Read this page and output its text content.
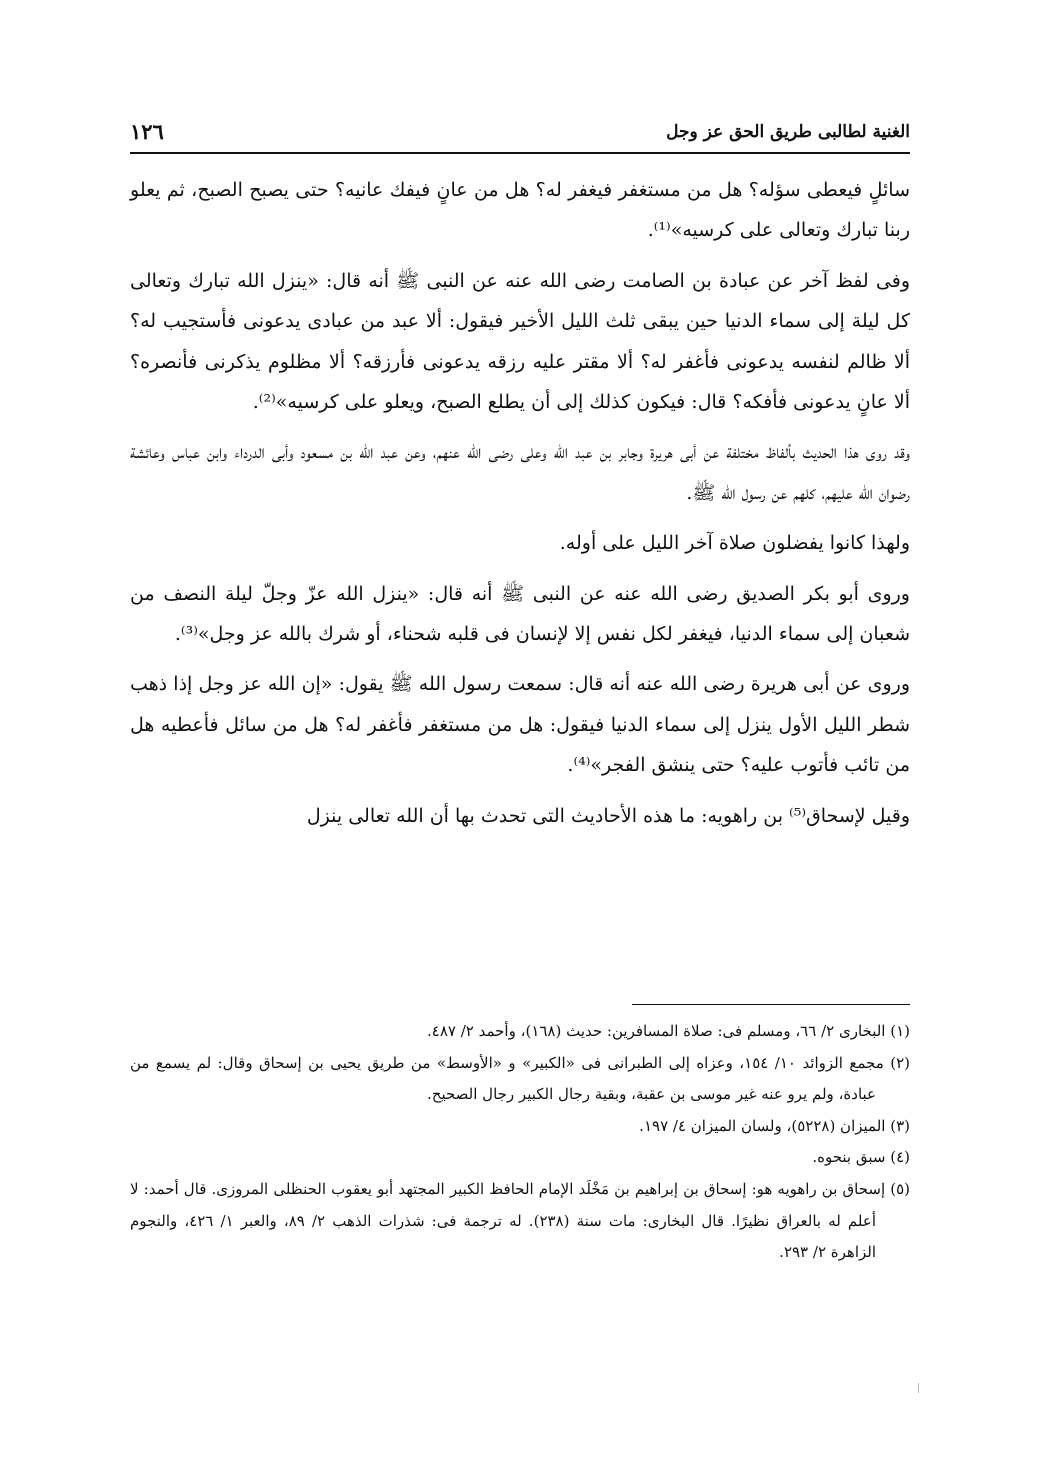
الغنية لطالبى طريق الحق عز وجل
١٢٦

سائلٍ فيعطى سؤله؟ هل من مستغفر فيغفر له؟ هل من عانٍ فيفك عانيه؟ حتى يصبح الصبح، ثم يعلو ربنا تبارك وتعالى على كرسيه»⁽¹⁾.

وفى لفظ آخر عن عبادة بن الصامت رضى الله عنه عن النبى ﷺ أنه قال: «ينزل الله تبارك وتعالى كل ليلة إلى سماء الدنيا حين يبقى ثلث الليل الأخير فيقول: ألا عبد من عبادى يدعونى فأستجيب له؟ ألا ظالم لنفسه يدعونى فأغفر له؟ ألا مقتر عليه رزقه يدعونى فأرزقه؟ ألا مظلوم يذكرنى فأنصره؟ ألا عانٍ يدعونى فأفكه؟ قال: فيكون كذلك إلى أن يطلع الصبح، ويعلو على كرسيه»⁽²⁾.

وقد روى هذا الحديث بألفاظ مختلفة عن أبى هريرة وجابر بن عبد الله وعلى رضى الله عنهم، وعن عبد الله بن مسعود وأبى الدرداء وابن عباس وعائشة رضوان الله عليهم، كلهم عن رسول الله ﷺ.

ولهذا كانوا يفضلون صلاة آخر الليل على أوله.

وروى أبو بكر الصديق رضى الله عنه عن النبى ﷺ أنه قال: «ينزل الله عزّ وجلّ ليلة النصف من شعبان إلى سماء الدنيا، فيغفر لكل نفس إلا لإنسان فى قلبه شحناء، أو شرك بالله عز وجل»⁽³⁾.

وروى عن أبى هريرة رضى الله عنه أنه قال: سمعت رسول الله ﷺ يقول: «إن الله عز وجل إذا ذهب شطر الليل الأول ينزل إلى سماء الدنيا فيقول: هل من مستغفر فأغفر له؟ هل من سائل فأعطيه هل من تائب فأتوب عليه؟ حتى ينشق الفجر»⁽⁴⁾.

وقيل لإسحاق⁽⁵⁾ بن راهويه: ما هذه الأحاديث التى تحدث بها أن الله تعالى ينزل

(١) البخارى ٢/ ٦٦، ومسلم فى: صلاة المسافرين: حديث (١٦٨)، وأحمد ٢/ ٤٨٧.

(٢) مجمع الزوائد ١٠/ ١٥٤، وعزاه إلى الطبرانى فى «الكبير» و «الأوسط» من طريق يحيى بن إسحاق وقال: لم يسمع من عبادة، ولم يرو عنه غير موسى بن عقبة، وبقية رجال الكبير رجال الصحيح.

(٣) الميزان (٥٢٢٨)، ولسان الميزان ٤/ ١٩٧.

(٤) سبق بنحوه.

(٥) إسحاق بن راهويه هو: إسحاق بن إبراهيم بن مَخْلَد الإمام الحافظ الكبير المجتهد أبو يعقوب الحنظلى المروزى. قال أحمد: لا أعلم له بالعراق نظيرًا. قال البخارى: مات سنة (٢٣٨). له ترجمة فى: شذرات الذهب ٢/ ٨٩، والعبر ١/ ٤٢٦، والنجوم الزاهرة ٢/ ٢٩٣.
